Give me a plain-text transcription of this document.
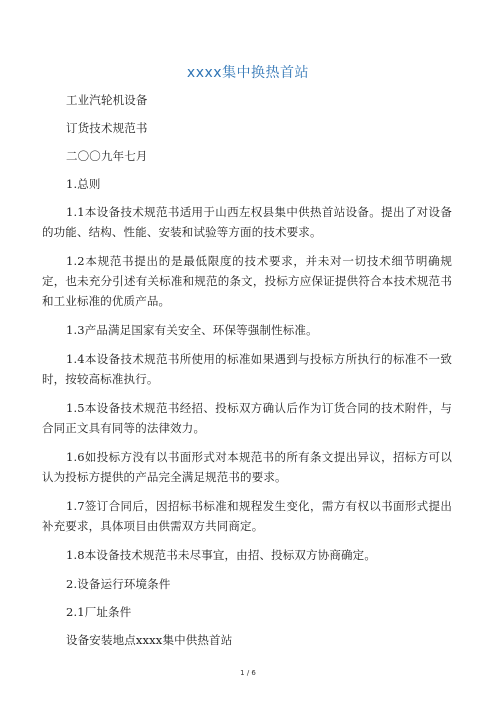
xxxx集中换热首站

工业汽轮机设备

订货技术规范书

二〇〇九年七月

1.总则

1.1本设备技术规范书适用于山西左权县集中供热首站设备。提出了对设备的功能、结构、性能、安装和试验等方面的技术要求。

1.2本规范书提出的是最低限度的技术要求，并未对一切技术细节明确规定，也未充分引述有关标准和规范的条文，投标方应保证提供符合本技术规范书和工业标准的优质产品。

1.3产品满足国家有关安全、环保等强制性标准。

1.4本设备技术规范书所使用的标准如果遇到与投标方所执行的标准不一致时，按较高标准执行。

1.5本设备技术规范书经招、投标双方确认后作为订货合同的技术附件，与合同正文具有同等的法律效力。

1.6如投标方没有以书面形式对本规范书的所有条文提出异议，招标方可以认为投标方提供的产品完全满足规范书的要求。

1.7签订合同后，因招标书标准和规程发生变化，需方有权以书面形式提出补充要求，具体项目由供需双方共同商定。

1.8本设备技术规范书未尽事宜，由招、投标双方协商确定。

2.设备运行环境条件

2.1厂址条件

设备安装地点xxxx集中供热首站

1 / 6
